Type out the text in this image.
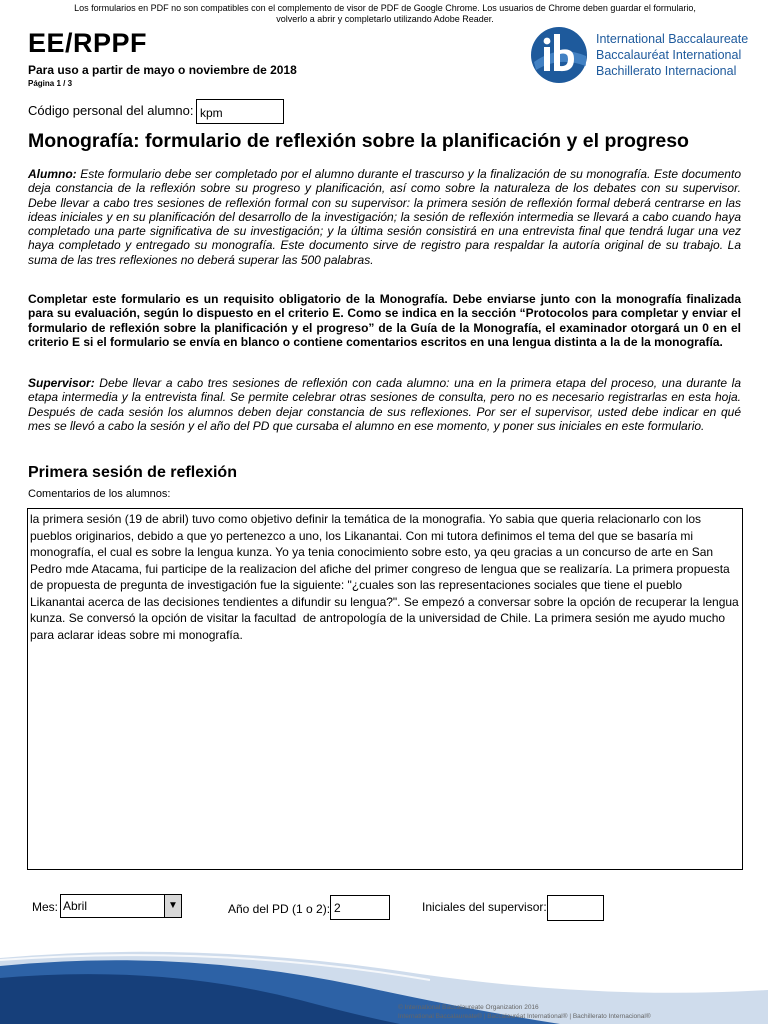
Los formularios en PDF no son compatibles con el complemento de visor de PDF de Google Chrome. Los usuarios de Chrome deben guardar el formulario,
volverlo a abrir y completarlo utilizando Adobe Reader.
EE/RPPF
Para uso a partir de mayo o noviembre de 2018
Página 1 / 3
International Baccalaureate
Baccalauréat International
Bachillerato Internacional
Código personal del alumno: kpm
Monografía: formulario de reflexión sobre la planificación y el progreso
Alumno: Este formulario debe ser completado por el alumno durante el trascurso y la finalización de su monografía. Este documento deja constancia de la reflexión sobre su progreso y planificación, así como sobre la naturaleza de los debates con su supervisor. Debe llevar a cabo tres sesiones de reflexión formal con su supervisor: la primera sesión de reflexión formal deberá centrarse en las ideas iniciales y en su planificación del desarrollo de la investigación; la sesión de reflexión intermedia se llevará a cabo cuando haya completado una parte significativa de su investigación; y la última sesión consistirá en una entrevista final que tendrá lugar una vez haya completado y entregado su monografía. Este documento sirve de registro para respaldar la autoría original de su trabajo. La suma de las tres reflexiones no deberá superar las 500 palabras.
Completar este formulario es un requisito obligatorio de la Monografía. Debe enviarse junto con la monografía finalizada para su evaluación, según lo dispuesto en el criterio E. Como se indica en la sección “Protocolos para completar y enviar el formulario de reflexión sobre la planificación y el progreso” de la Guía de la Monografía, el examinador otorgará un 0 en el criterio E si el formulario se envía en blanco o contiene comentarios escritos en una lengua distinta a la de la monografía.
Supervisor: Debe llevar a cabo tres sesiones de reflexión con cada alumno: una en la primera etapa del proceso, una durante la etapa intermedia y la entrevista final. Se permite celebrar otras sesiones de consulta, pero no es necesario registrarlas en esta hoja. Después de cada sesión los alumnos deben dejar constancia de sus reflexiones. Por ser el supervisor, usted debe indicar en qué mes se llevó a cabo la sesión y el año del PD que cursaba el alumno en ese momento, y poner sus iniciales en este formulario.
Primera sesión de reflexión
Comentarios de los alumnos:
la primera sesión (19 de abril) tuvo como objetivo definir la temática de la monografia. Yo sabia que queria relacionarlo con los pueblos originarios, debido a que yo pertenezco a uno, los Likanantai. Con mi tutora definimos el tema del que se basaría mi monografía, el cual es sobre la lengua kunza. Yo ya tenia conocimiento sobre esto, ya qeu gracias a un concurso de arte en San Pedro mde Atacama, fui participe de la realizacion del afiche del primer congreso de lengua que se realizaría. La primera propuesta de propuesta de pregunta de investigación fue la siguiente: "¿cuales son las representaciones sociales que tiene el pueblo Likanantai acerca de las decisiones tendientes a difundir su lengua?". Se empezó a conversar sobre la opción de recuperar la lengua kunza. Se conversó la opción de visitar la facultad  de antropología de la universidad de Chile. La primera sesión me ayudo mucho para aclarar ideas sobre mi monografía.
Mes: Abril	▼	Año del PD (1 o 2): 2	Iniciales del supervisor:
© International Baccalaureate Organization 2016
International Baccalaureate® | Baccalauréat International® | Bachillerato Internacional®
